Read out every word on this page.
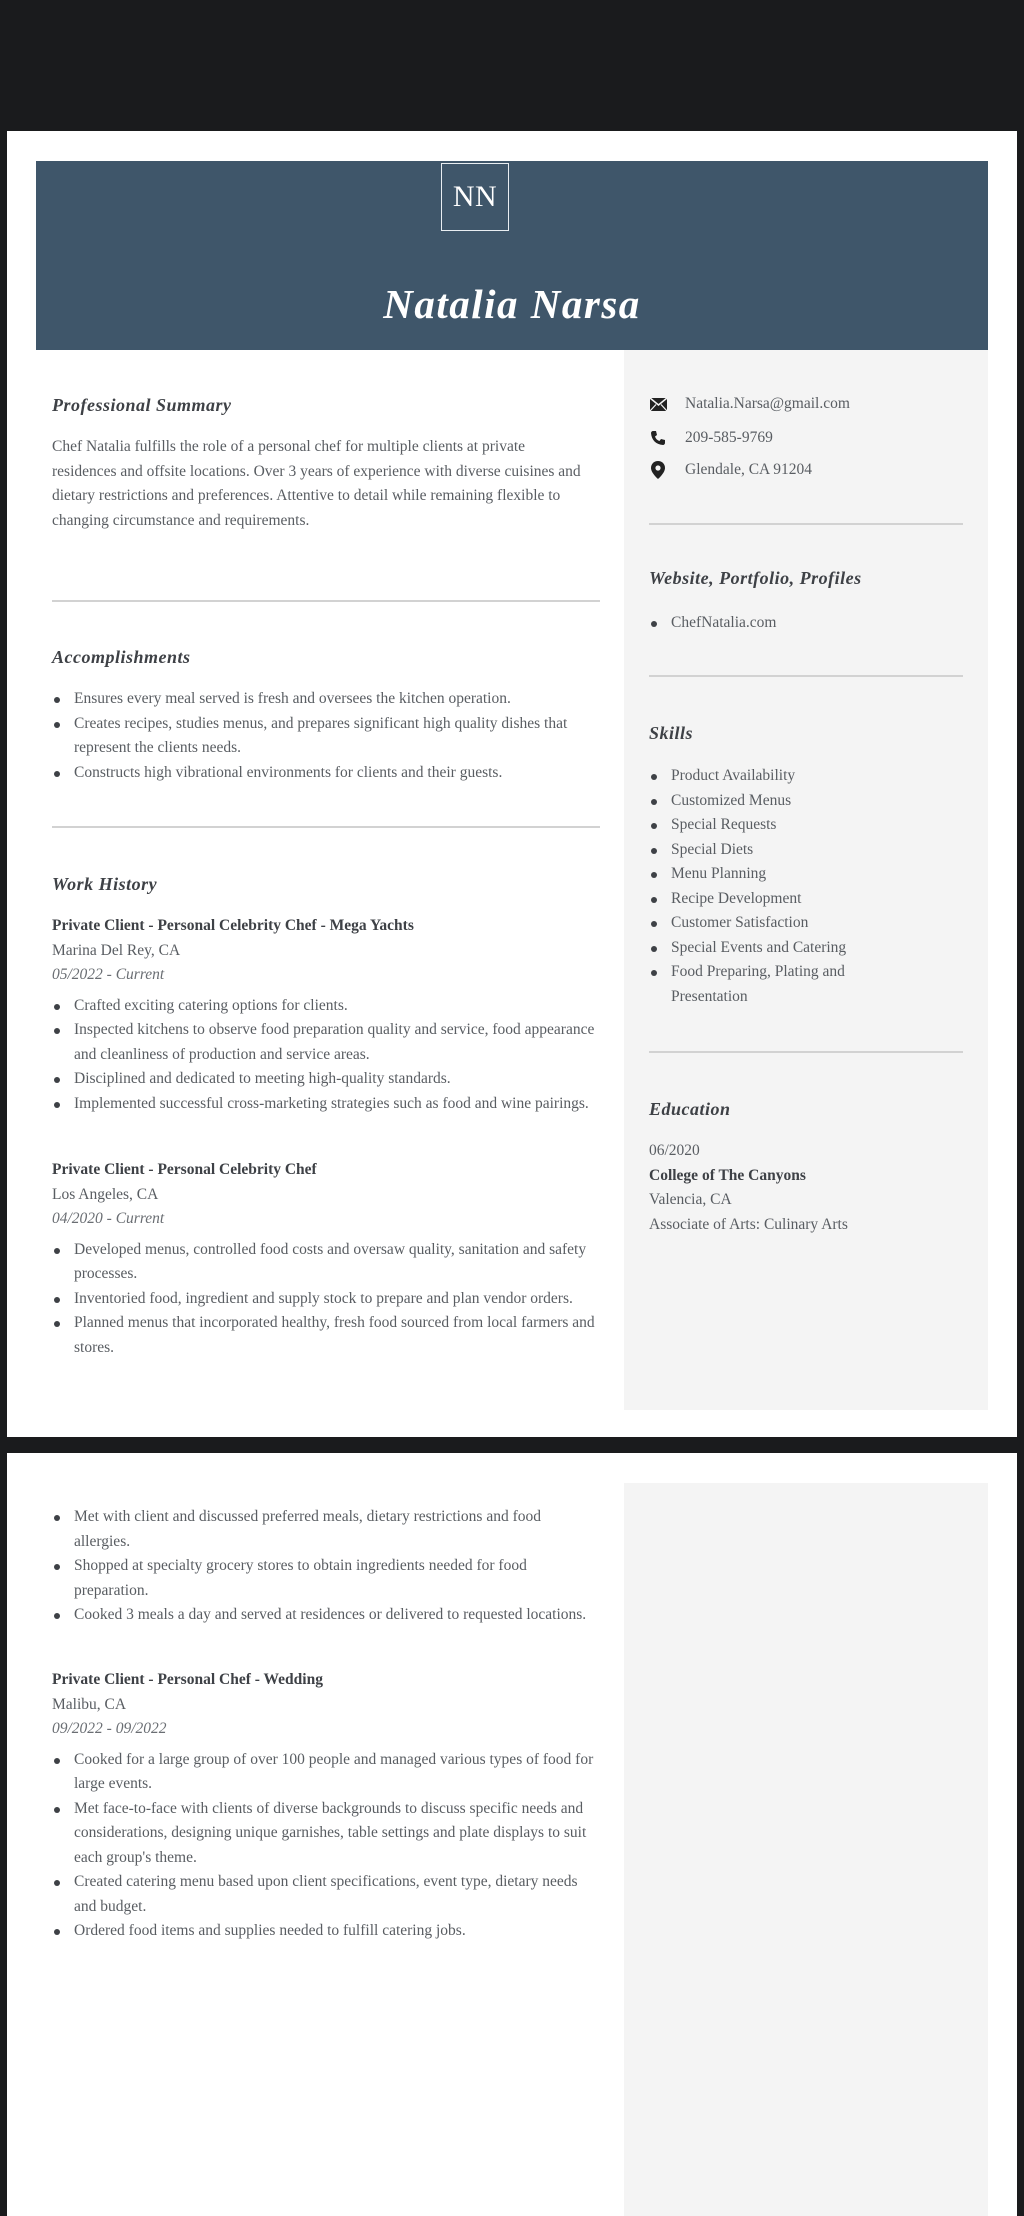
NN
Natalia Narsa
Natalia.Narsa@gmail.com
209-585-9769
Glendale, CA 91204
Website, Portfolio, Profiles
ChefNatalia.com
Skills
Product Availability
Customized Menus
Special Requests
Special Diets
Menu Planning
Recipe Development
Customer Satisfaction
Special Events and Catering
Food Preparing, Plating and Presentation
Education
06/2020
College of The Canyons
Valencia, CA
Associate of Arts: Culinary Arts
Professional Summary
Chef Natalia fulfills the role of a personal chef for multiple clients at private residences and offsite locations. Over 3 years of experience with diverse cuisines and dietary restrictions and preferences. Attentive to detail while remaining flexible to changing circumstance and requirements.
Accomplishments
Ensures every meal served is fresh and oversees the kitchen operation.
Creates recipes, studies menus, and prepares significant high quality dishes that represent the clients needs.
Constructs high vibrational environments for clients and their guests.
Work History
Private Client - Personal Celebrity Chef - Mega Yachts
Marina Del Rey, CA
05/2022 - Current
Crafted exciting catering options for clients.
Inspected kitchens to observe food preparation quality and service, food appearance and cleanliness of production and service areas.
Disciplined and dedicated to meeting high-quality standards.
Implemented successful cross-marketing strategies such as food and wine pairings.
Private Client - Personal Celebrity Chef
Los Angeles, CA
04/2020 - Current
Developed menus, controlled food costs and oversaw quality, sanitation and safety processes.
Inventoried food, ingredient and supply stock to prepare and plan vendor orders.
Planned menus that incorporated healthy, fresh food sourced from local farmers and stores.
Met with client and discussed preferred meals, dietary restrictions and food allergies.
Shopped at specialty grocery stores to obtain ingredients needed for food preparation.
Cooked 3 meals a day and served at residences or delivered to requested locations.
Private Client - Personal Chef - Wedding
Malibu, CA
09/2022 - 09/2022
Cooked for a large group of over 100 people and managed various types of food for large events.
Met face-to-face with clients of diverse backgrounds to discuss specific needs and considerations, designing unique garnishes, table settings and plate displays to suit each group's theme.
Created catering menu based upon client specifications, event type, dietary needs and budget.
Ordered food items and supplies needed to fulfill catering jobs.
